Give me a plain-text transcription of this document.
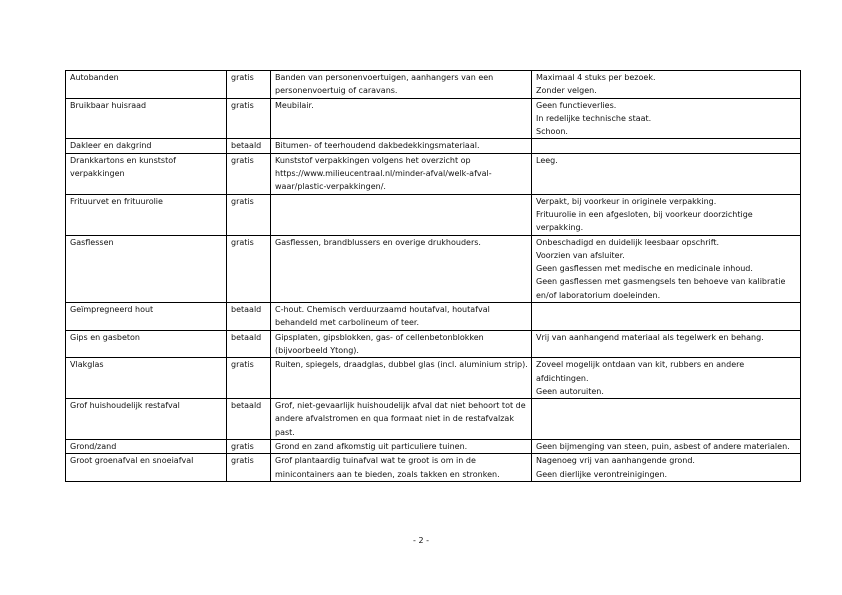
Autobanden	gratis	Banden van personenvoertuigen, aanhangers van een personenvoertuig of caravans.	Maximaal 4 stuks per bezoek.

Zonder velgen.

Bruikbaar huisraad	gratis	Meubilair.	Geen functieverlies.

In redelijke technische staat.

Schoon.

Dakleer en dakgrind	betaald	Bitumen- of teerhoudend dakbedekkingsmateriaal.	
Drankkartons en kunststof verpakkingen	gratis	Kunststof verpakkingen volgens het overzicht op https://www.milieucentraal.nl/minder-afval/welk-afval-waar/plastic-verpakkingen/.	Leeg.

Frituurvet en frituurolie	gratis		Verpakt, bij voorkeur in originele verpakking.

Frituurolie in een afgesloten, bij voorkeur doorzichtige verpakking.

Gasflessen	gratis	Gasflessen, brandblussers en overige drukhouders.	Onbeschadigd en duidelijk leesbaar opschrift.

Voorzien van afsluiter.

Geen gasflessen met medische en medicinale inhoud.

Geen gasflessen met gasmengsels ten behoeve van kalibratie en/of laboratorium doeleinden.

Geïmpregneerd hout	betaald	C-hout. Chemisch verduurzaamd houtafval, houtafval behandeld met carbolineum of teer.	
Gips en gasbeton	betaald	Gipsplaten, gipsblokken, gas- of cellenbetonblokken (bijvoorbeeld Ytong).	Vrij van aanhangend materiaal als tegelwerk en behang.

Vlakglas	gratis	Ruiten, spiegels, draadglas, dubbel glas (incl. aluminium strip).	Zoveel mogelijk ontdaan van kit, rubbers en andere afdichtingen.

Geen autoruiten.

Grof huishoudelijk restafval	betaald	Grof, niet-gevaarlijk huishoudelijk afval dat niet behoort tot de andere afvalstromen en qua formaat niet in de restafvalzak past.	
Grond/zand	gratis	Grond en zand afkomstig uit particuliere tuinen.	Geen bijmenging van steen, puin, asbest of andere materialen.

Groot groenafval en snoeiafval	gratis	Grof plantaardig tuinafval wat te groot is om in de minicontainers aan te bieden, zoals takken en stronken.	Nagenoeg vrij van aanhangende grond.

Geen dierlijke verontreinigingen.

- 2 -
